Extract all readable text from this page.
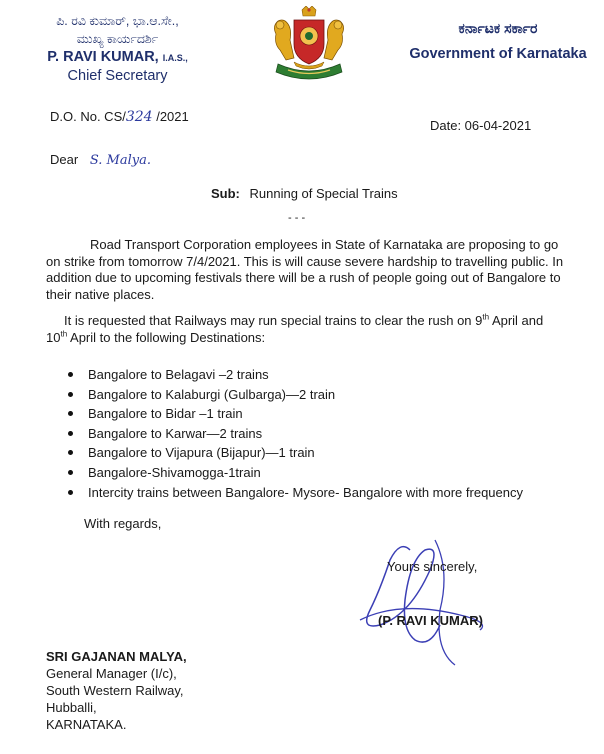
ಪಿ. ರವಿ ಕುಮಾರ್, ಭಾ.ಆ.ಸೇ.,
ಮುಖ್ಯ ಕಾರ್ಯದರ್ಶಿ
P. RAVI KUMAR, I.A.S.,
Chief Secretary
ಕರ್ನಾಟಕ ಸರ್ಕಾರ
Government of Karnataka
D.O. No. CS/324 /2021
Date: 06-04-2021
Dear S. Malya.
Sub: Running of Special Trains
- - -

Road Transport Corporation employees in State of Karnataka are proposing to go on strike from tomorrow 7/4/2021. This is will cause severe hardship to travelling public. In addition due to upcoming festivals there will be a rush of people going out of Bangalore to their native places.

It is requested that Railways may run special trains to clear the rush on 9th April and 10th April to the following Destinations:

Bangalore to Belagavi –2 trains
Bangalore to Kalaburgi (Gulbarga)—2 train
Bangalore to Bidar –1 train
Bangalore to Karwar—2 trains
Bangalore to Vijapura (Bijapur)—1 train
Bangalore-Shivamogga-1train
Intercity trains between Bangalore- Mysore- Bangalore with more frequency
With regards,
Yours sincerely,
(P. RAVI KUMAR)
SRI GAJANAN MALYA,
General Manager (I/c),
South Western Railway,
Hubballi,
KARNATAKA.
